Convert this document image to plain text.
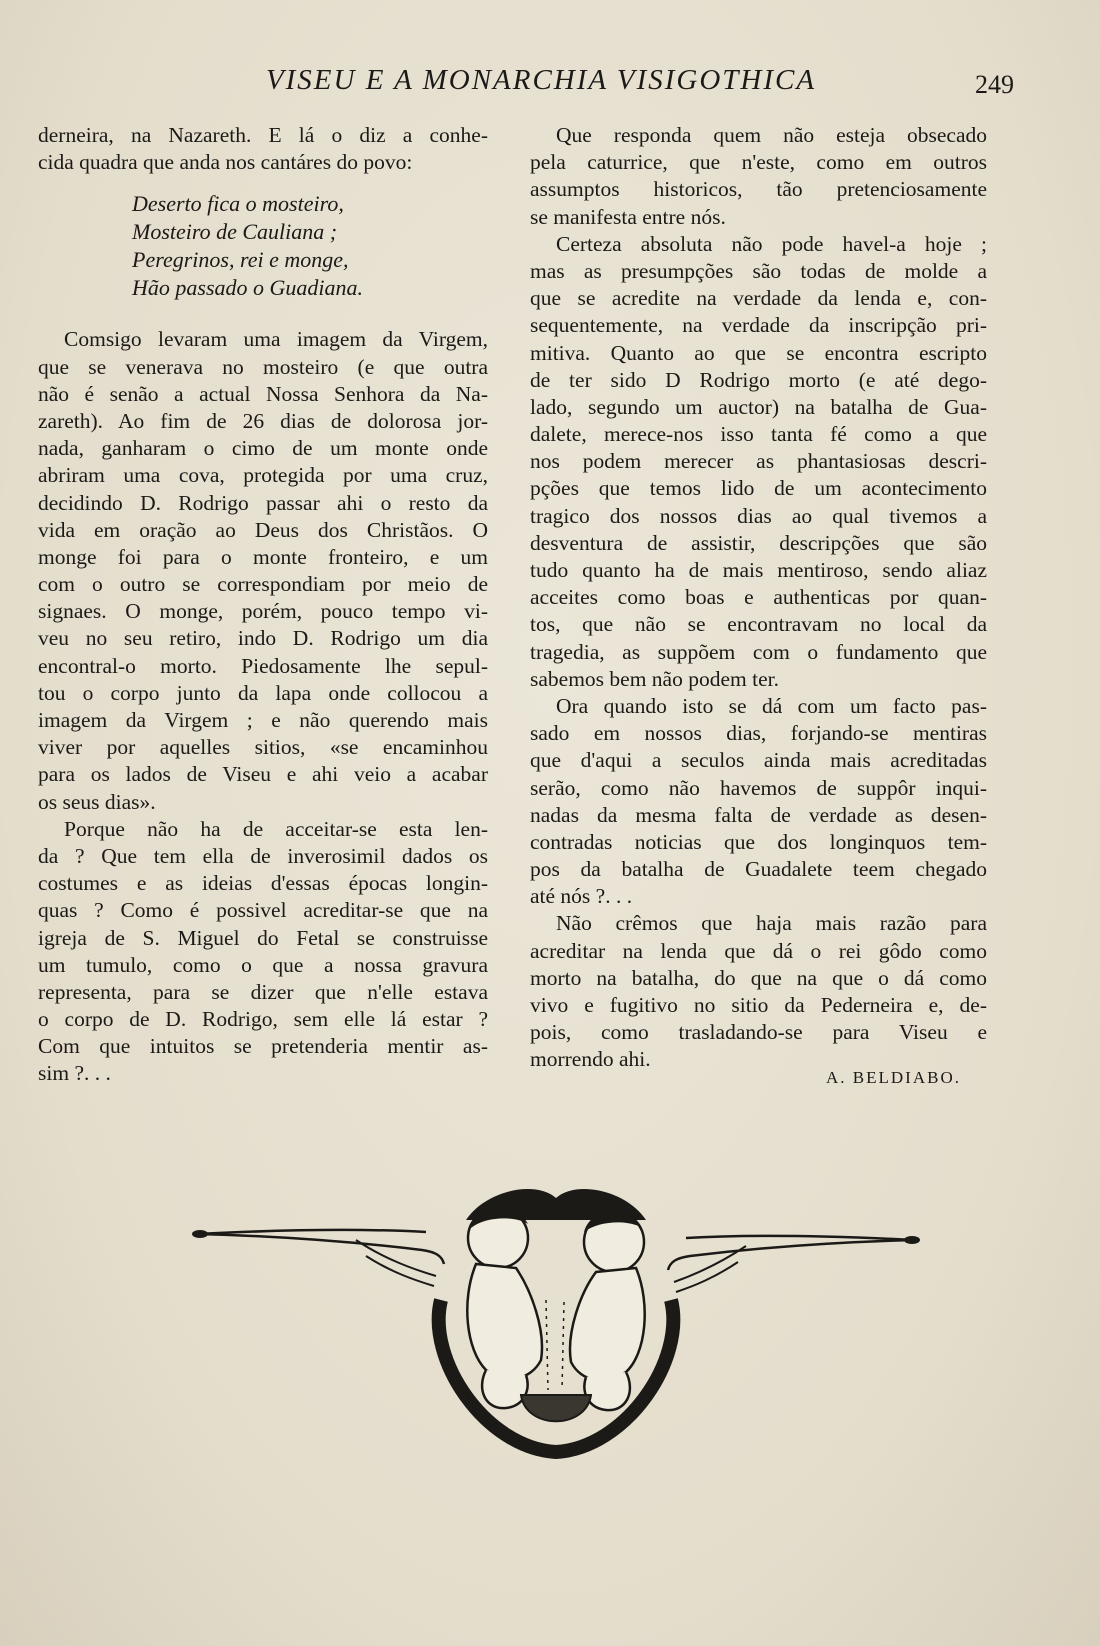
VISEU E A MONARCHIA VISIGOTHICA	249
derneira, na Nazareth. E lá o diz a conhe-
cida quadra que anda nos cantáres do povo:
Deserto fica o mosteiro,
Mosteiro de Cauliana ;
Peregrinos, rei e monge,
Hão passado o Guadiana.
Comsigo levaram uma imagem da Virgem,
que se venerava no mosteiro (e que outra
não é senão a actual Nossa Senhora da Na-
zareth). Ao fim de 26 dias de dolorosa jor-
nada, ganharam o cimo de um monte onde
abriram uma cova, protegida por uma cruz,
decidindo D. Rodrigo passar ahi o resto da
vida em oração ao Deus dos Christãos. O
monge foi para o monte fronteiro, e um
com o outro se correspondiam por meio de
signaes. O monge, porém, pouco tempo vi-
veu no seu retiro, indo D. Rodrigo um dia
encontral-o morto. Piedosamente lhe sepul-
tou o corpo junto da lapa onde collocou a
imagem da Virgem ; e não querendo mais
viver por aquelles sitios, «se encaminhou
para os lados de Viseu e ahi veio a acabar
os seus dias».
Porque não ha de acceitar-se esta len-
da ? Que tem ella de inverosimil dados os
costumes e as ideias d'essas épocas longin-
quas ? Como é possivel acreditar-se que na
igreja de S. Miguel do Fetal se construisse
um tumulo, como o que a nossa gravura
representa, para se dizer que n'elle estava
o corpo de D. Rodrigo, sem elle lá estar ?
Com que intuitos se pretenderia mentir as-
sim ?. . .
Que responda quem não esteja obsecado
pela caturrice, que n'este, como em outros
assumptos historicos, tão pretenciosamente
se manifesta entre nós.
Certeza absoluta não pode havel-a hoje ;
mas as presumpções são todas de molde a
que se acredite na verdade da lenda e, con-
sequentemente, na verdade da inscripção pri-
mitiva. Quanto ao que se encontra escripto
de ter sido D Rodrigo morto (e até dego-
lado, segundo um auctor) na batalha de Gua-
dalete, merece-nos isso tanta fé como a que
nos podem merecer as phantasiosas descri-
pções que temos lido de um acontecimento
tragico dos nossos dias ao qual tivemos a
desventura de assistir, descripções que são
tudo quanto ha de mais mentiroso, sendo aliaz
acceites como boas e authenticas por quan-
tos, que não se encontravam no local da
tragedia, as suppõem com o fundamento que
sabemos bem não podem ter.
Ora quando isto se dá com um facto pas-
sado em nossos dias, forjando-se mentiras
que d'aqui a seculos ainda mais acreditadas
serão, como não havemos de suppôr inqui-
nadas da mesma falta de verdade as desen-
contradas noticias que dos longinquos tem-
pos da batalha de Guadalete teem chegado
até nós ?. . .
Não crêmos que haja mais razão para
acreditar na lenda que dá o rei gôdo como
morto na batalha, do que na que o dá como
vivo e fugitivo no sitio da Pederneira e, de-
pois, como trasladando-se para Viseu e
morrendo ahi.
A. BELDIABO.
